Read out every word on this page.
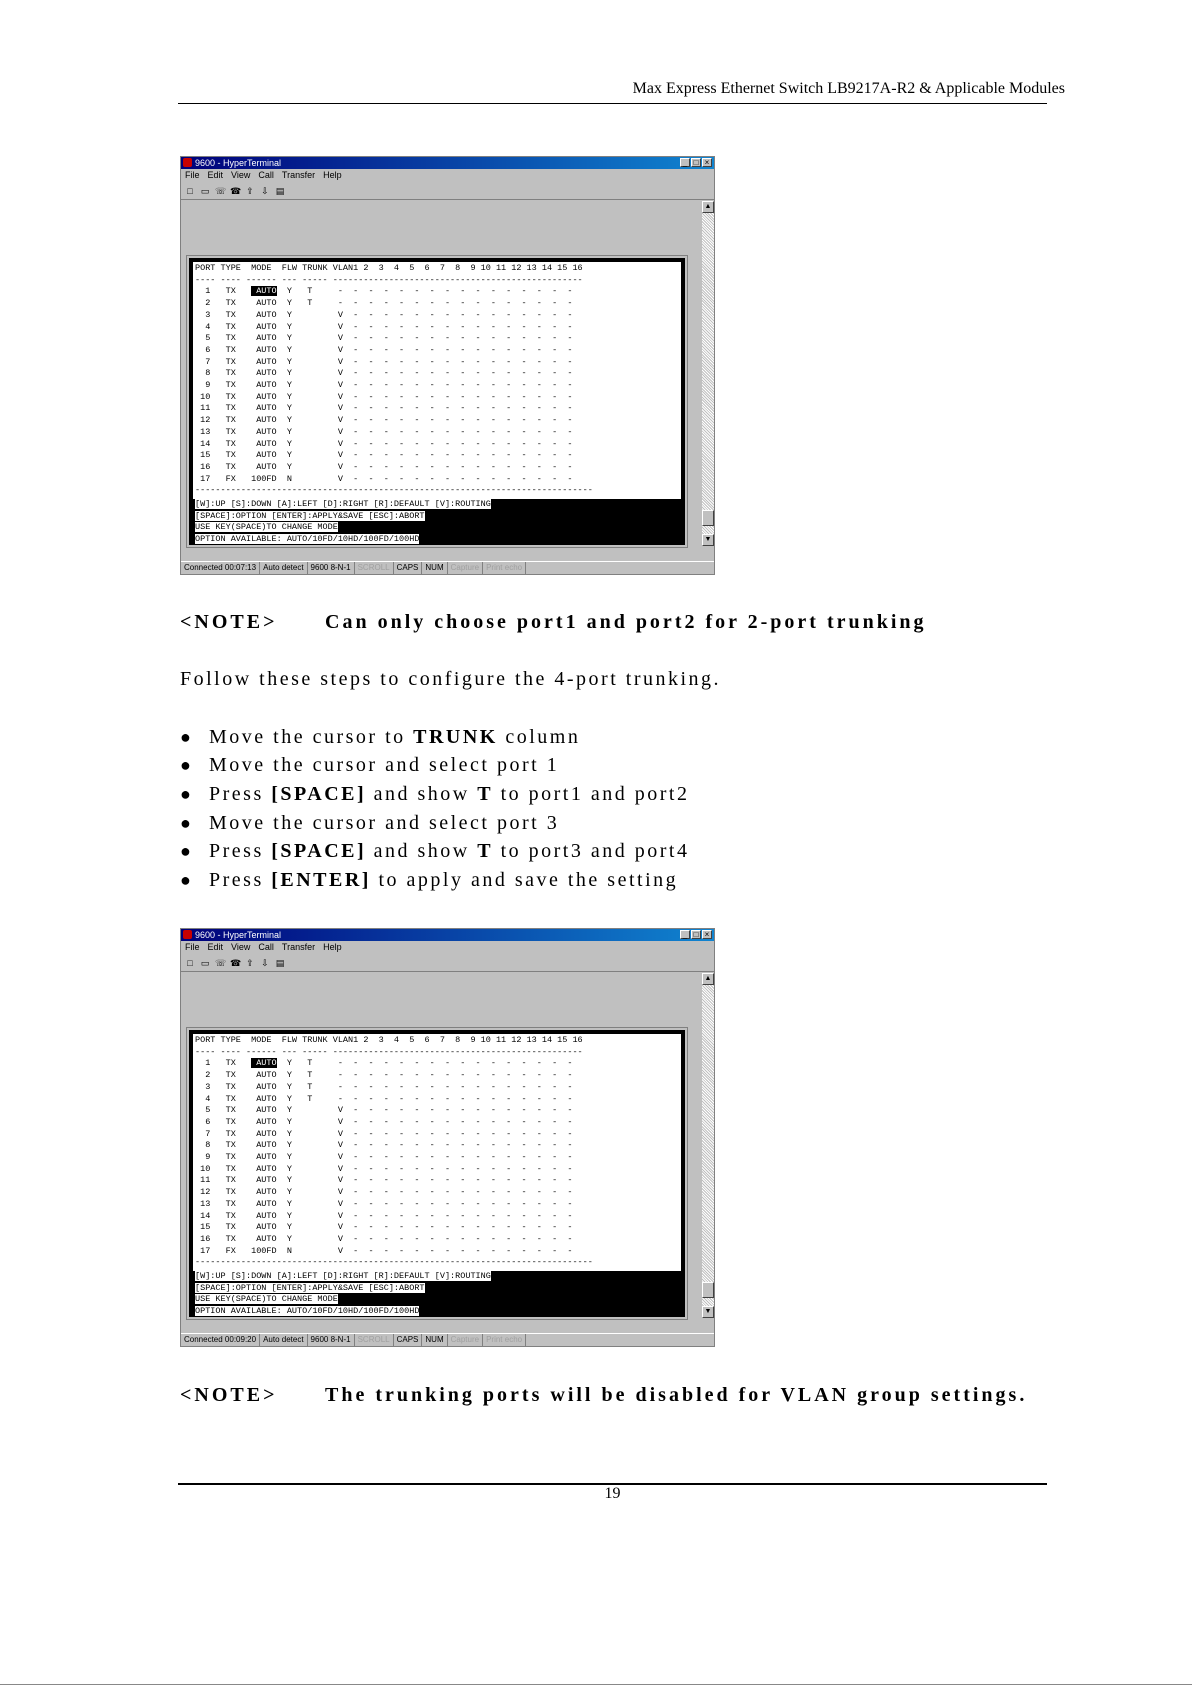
Max Express Ethernet Switch LB9217A-R2 & Applicable Modules
9600 - HyperTerminal	_ □ ×
File Edit View Call Transfer Help
□ ▭ ☏ ☎ ⇪ ⇩ ▤
PORT TYPE  MODE  FLW TRUNK VLAN1 2  3  4  5  6  7  8  9 10 11 12 13 14 15 16
---- ---- ------ --- ----- -------------------------------------------------
1   TX    AUTO  Y   T     -  -  -  -  -  -  -  -  -  -  -  -  -  -  -  -
2   TX    AUTO  Y   T     -  -  -  -  -  -  -  -  -  -  -  -  -  -  -  -
3   TX    AUTO  Y         V  -  -  -  -  -  -  -  -  -  -  -  -  -  -  -
4   TX    AUTO  Y         V  -  -  -  -  -  -  -  -  -  -  -  -  -  -  -
5   TX    AUTO  Y         V  -  -  -  -  -  -  -  -  -  -  -  -  -  -  -
6   TX    AUTO  Y         V  -  -  -  -  -  -  -  -  -  -  -  -  -  -  -
7   TX    AUTO  Y         V  -  -  -  -  -  -  -  -  -  -  -  -  -  -  -
8   TX    AUTO  Y         V  -  -  -  -  -  -  -  -  -  -  -  -  -  -  -
9   TX    AUTO  Y         V  -  -  -  -  -  -  -  -  -  -  -  -  -  -  -
10   TX    AUTO  Y         V  -  -  -  -  -  -  -  -  -  -  -  -  -  -  -
11   TX    AUTO  Y         V  -  -  -  -  -  -  -  -  -  -  -  -  -  -  -
12   TX    AUTO  Y         V  -  -  -  -  -  -  -  -  -  -  -  -  -  -  -
13   TX    AUTO  Y         V  -  -  -  -  -  -  -  -  -  -  -  -  -  -  -
14   TX    AUTO  Y         V  -  -  -  -  -  -  -  -  -  -  -  -  -  -  -
15   TX    AUTO  Y         V  -  -  -  -  -  -  -  -  -  -  -  -  -  -  -
16   TX    AUTO  Y         V  -  -  -  -  -  -  -  -  -  -  -  -  -  -  -
17   FX   100FD  N         V  -  -  -  -  -  -  -  -  -  -  -  -  -  -  -
------------------------------------------------------------------------------
[W]:UP [S]:DOWN [A]:LEFT [D]:RIGHT [R]:DEFAULT [V]:ROUTING
[SPACE]:OPTION [ENTER]:APPLY&SAVE [ESC]:ABORT
USE KEY(SPACE)TO CHANGE MODE
OPTION AVAILABLE: AUTO/10FD/10HD/100FD/100HD
▲
▼
Connected 00:07:13 Auto detect 9600 8-N-1 SCROLL CAPS NUM Capture Print echo
<NOTE> Can only choose port1 and port2 for 2-port trunking
Follow these steps to configure the 4-port trunking.
● Move the cursor to TRUNK column
● Move the cursor and select port 1
● Press [SPACE] and show T to port1 and port2
● Move the cursor and select port 3
● Press [SPACE] and show T to port3 and port4
● Press [ENTER] to apply and save the setting
9600 - HyperTerminal	_ □ ×
File Edit View Call Transfer Help
□ ▭ ☏ ☎ ⇪ ⇩ ▤
PORT TYPE  MODE  FLW TRUNK VLAN1 2  3  4  5  6  7  8  9 10 11 12 13 14 15 16
---- ---- ------ --- ----- -------------------------------------------------
1   TX    AUTO  Y   T     -  -  -  -  -  -  -  -  -  -  -  -  -  -  -  -
2   TX    AUTO  Y   T     -  -  -  -  -  -  -  -  -  -  -  -  -  -  -  -
3   TX    AUTO  Y   T     -  -  -  -  -  -  -  -  -  -  -  -  -  -  -  -
4   TX    AUTO  Y   T     -  -  -  -  -  -  -  -  -  -  -  -  -  -  -  -
5   TX    AUTO  Y         V  -  -  -  -  -  -  -  -  -  -  -  -  -  -  -
6   TX    AUTO  Y         V  -  -  -  -  -  -  -  -  -  -  -  -  -  -  -
7   TX    AUTO  Y         V  -  -  -  -  -  -  -  -  -  -  -  -  -  -  -
8   TX    AUTO  Y         V  -  -  -  -  -  -  -  -  -  -  -  -  -  -  -
9   TX    AUTO  Y         V  -  -  -  -  -  -  -  -  -  -  -  -  -  -  -
10   TX    AUTO  Y         V  -  -  -  -  -  -  -  -  -  -  -  -  -  -  -
11   TX    AUTO  Y         V  -  -  -  -  -  -  -  -  -  -  -  -  -  -  -
12   TX    AUTO  Y         V  -  -  -  -  -  -  -  -  -  -  -  -  -  -  -
13   TX    AUTO  Y         V  -  -  -  -  -  -  -  -  -  -  -  -  -  -  -
14   TX    AUTO  Y         V  -  -  -  -  -  -  -  -  -  -  -  -  -  -  -
15   TX    AUTO  Y         V  -  -  -  -  -  -  -  -  -  -  -  -  -  -  -
16   TX    AUTO  Y         V  -  -  -  -  -  -  -  -  -  -  -  -  -  -  -
17   FX   100FD  N         V  -  -  -  -  -  -  -  -  -  -  -  -  -  -  -
------------------------------------------------------------------------------
[W]:UP [S]:DOWN [A]:LEFT [D]:RIGHT [R]:DEFAULT [V]:ROUTING
[SPACE]:OPTION [ENTER]:APPLY&SAVE [ESC]:ABORT
USE KEY(SPACE)TO CHANGE MODE
OPTION AVAILABLE: AUTO/10FD/10HD/100FD/100HD
▲
▼
Connected 00:09:20 Auto detect 9600 8-N-1 SCROLL CAPS NUM Capture Print echo
<NOTE> The trunking ports will be disabled for VLAN group settings.
19
